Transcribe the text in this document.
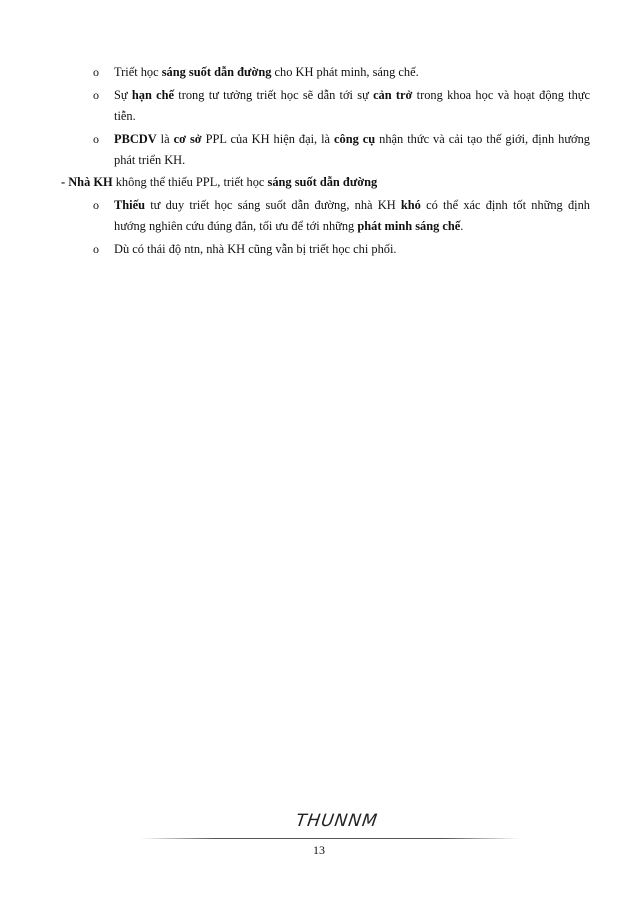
o Triết học sáng suốt dẫn đường cho KH phát minh, sáng chế.
o Sự hạn chế trong tư tưởng triết học sẽ dẫn tới sự cản trở trong khoa học và hoạt động thực
tiễn.
o PBCDV là cơ sở PPL của KH hiện đại, là công cụ nhận thức và cải tạo thế giới, định hướng
phát triển KH.
- Nhà KH không thể thiếu PPL, triết học sáng suốt dẫn đường
o Thiếu tư duy triết học sáng suốt dẫn đường, nhà KH khó có thể xác định tốt những định
hướng nghiên cứu đúng đắn, tối ưu để tới những phát minh sáng chế.
o Dù có thái độ ntn, nhà KH cũng vẫn bị triết học chi phối.
THUNNM
13
